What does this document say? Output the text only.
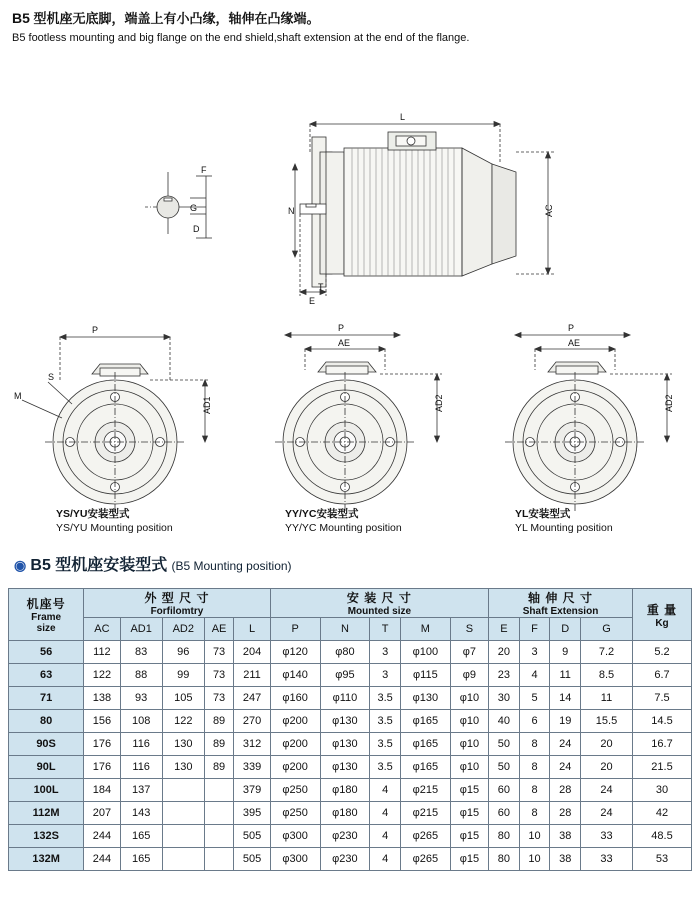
B5 型机座无底脚，端盖上有小凸缘，轴伸在凸缘端。
B5 footless mounting and big flange on the end shield,shaft extension at the end of the flange.
F
G
D
L
AC
N
E
T
P
S
M
AD1
P
AE
AD2
P
AE
AD2
YS/YU安装型式
YS/YU Mounting position
YY/YC安装型式
YY/YC Mounting position
YL安装型式
YL Mounting position
◉ B5 型机座安装型式 (B5 Mounting position)
机座号
Frame
size

外 型 尺 寸
Forfilomtry

安 装 尺 寸
Mounted size

轴 伸 尺 寸
Shaft Extension	重 量
Kg

	AC	AD1	AD2	AE	L	P	N	T	M	S	E	F	D	G	
56	112	83	96	73	204	φ120	φ80	3	φ100	φ7	20	3	9	7.2	5.2
63	122	88	99	73	211	φ140	φ95	3	φ115	φ9	23	4	11	8.5	6.7
71	138	93	105	73	247	φ160	φ110	3.5	φ130	φ10	30	5	14	11	7.5
80	156	108	122	89	270	φ200	φ130	3.5	φ165	φ10	40	6	19	15.5	14.5
90S	176	116	130	89	312	φ200	φ130	3.5	φ165	φ10	50	8	24	20	16.7
90L	176	116	130	89	339	φ200	φ130	3.5	φ165	φ10	50	8	24	20	21.5
100L	184	137			379	φ250	φ180	4	φ215	φ15	60	8	28	24	30
112M	207	143			395	φ250	φ180	4	φ215	φ15	60	8	28	24	42
132S	244	165			505	φ300	φ230	4	φ265	φ15	80	10	38	33	48.5
132M	244	165			505	φ300	φ230	4	φ265	φ15	80	10	38	33	53
